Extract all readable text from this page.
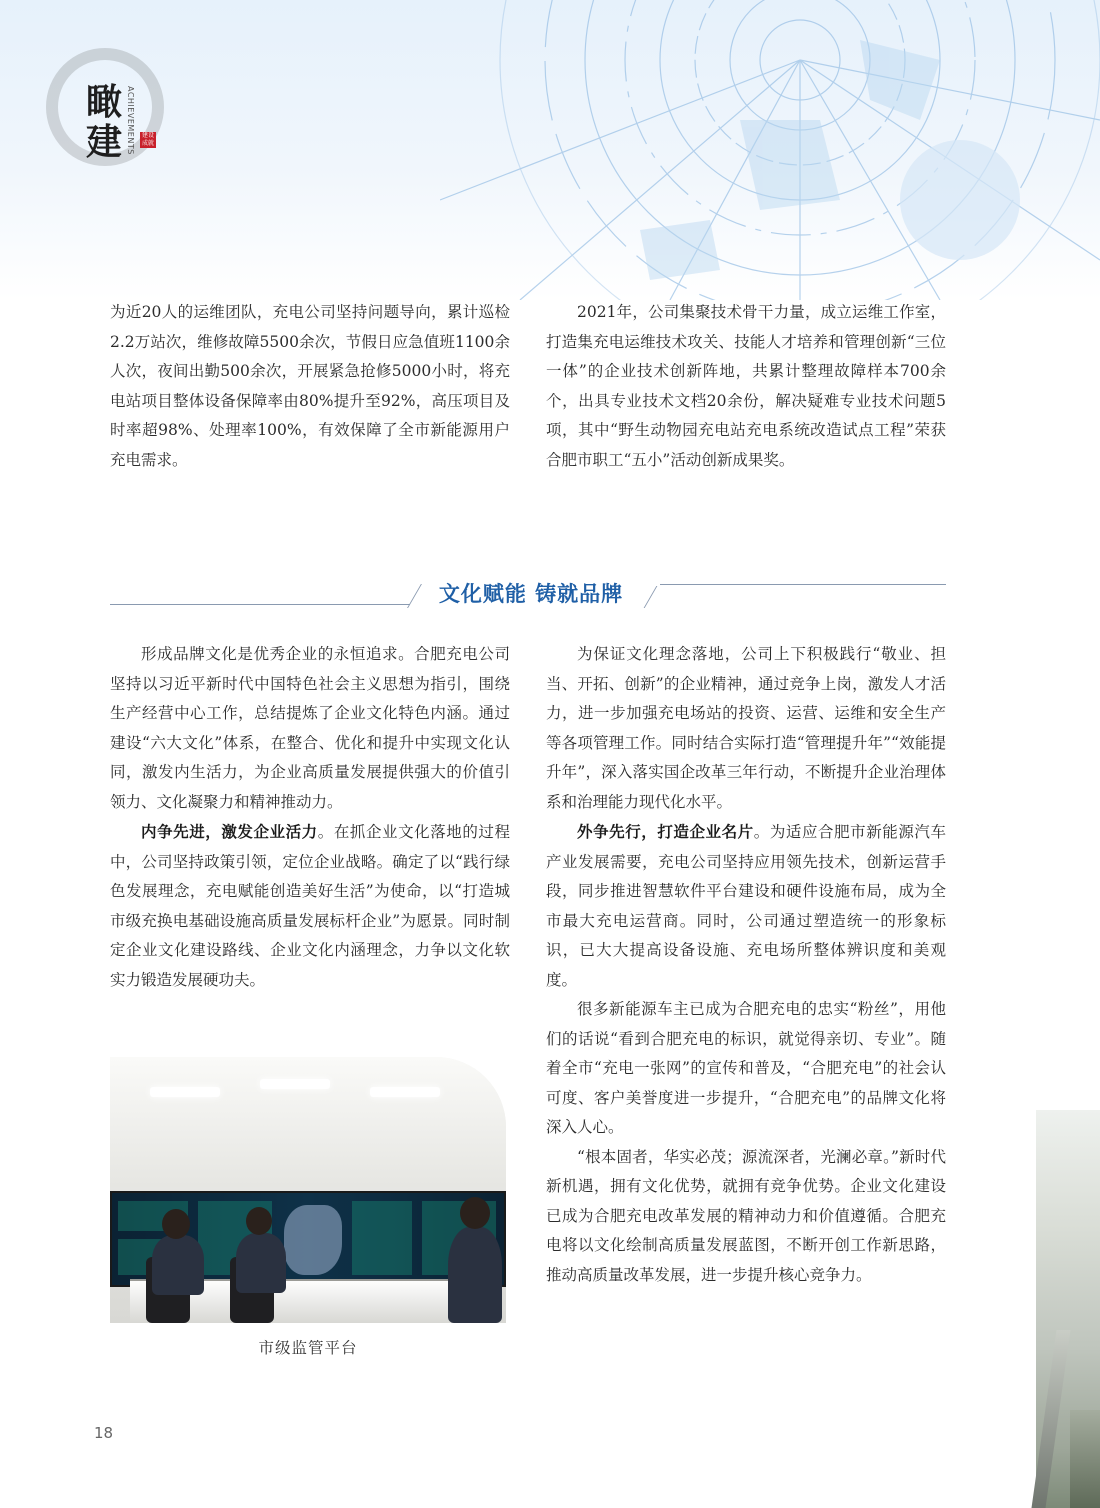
瞰
建 ACHIEVEMENTS	建设 成就

为近20人的运维团队，充电公司坚持问题导向，累计巡检2.2万站次，维修故障5500余次，节假日应急值班1100余人次，夜间出勤500余次，开展紧急抢修5000小时，将充电站项目整体设备保障率由80%提升至92%，高压项目及时率超98%、处理率100%，有效保障了全市新能源用户充电需求。

2021年，公司集聚技术骨干力量，成立运维工作室，打造集充电运维技术攻关、技能人才培养和管理创新“三位一体”的企业技术创新阵地，共累计整理故障样本700余个，出具专业技术文档20余份，解决疑难专业技术问题5项，其中“野生动物园充电站充电系统改造试点工程”荣获合肥市职工“五小”活动创新成果奖。

文化赋能 铸就品牌

形成品牌文化是优秀企业的永恒追求。合肥充电公司坚持以习近平新时代中国特色社会主义思想为指引，围绕生产经营中心工作，总结提炼了企业文化特色内涵。通过建设“六大文化”体系，在整合、优化和提升中实现文化认同，激发内生活力，为企业高质量发展提供强大的价值引领力、文化凝聚力和精神推动力。

内争先进，激发企业活力。在抓企业文化落地的过程中，公司坚持政策引领，定位企业战略。确定了以“践行绿色发展理念，充电赋能创造美好生活”为使命，以“打造城市级充换电基础设施高质量发展标杆企业”为愿景。同时制定企业文化建设路线、企业文化内涵理念，力争以文化软实力锻造发展硬功夫。

为保证文化理念落地，公司上下积极践行“敬业、担当、开拓、创新”的企业精神，通过竞争上岗，激发人才活力，进一步加强充电场站的投资、运营、运维和安全生产等各项管理工作。同时结合实际打造“管理提升年”“效能提升年”，深入落实国企改革三年行动，不断提升企业治理体系和治理能力现代化水平。

外争先行，打造企业名片。为适应合肥市新能源汽车产业发展需要，充电公司坚持应用领先技术，创新运营手段，同步推进智慧软件平台建设和硬件设施布局，成为全市最大充电运营商。同时，公司通过塑造统一的形象标识，已大大提高设备设施、充电场所整体辨识度和美观度。

很多新能源车主已成为合肥充电的忠实“粉丝”，用他们的话说“看到合肥充电的标识，就觉得亲切、专业”。随着全市“充电一张网”的宣传和普及，“合肥充电”的社会认可度、客户美誉度进一步提升，“合肥充电”的品牌文化将深入人心。

“根本固者，华实必茂；源流深者，光澜必章。”新时代新机遇，拥有文化优势，就拥有竞争优势。企业文化建设已成为合肥充电改革发展的精神动力和价值遵循。合肥充电将以文化绘制高质量发展蓝图，不断开创工作新思路，推动高质量改革发展，进一步提升核心竞争力。

市级监管平台
18
